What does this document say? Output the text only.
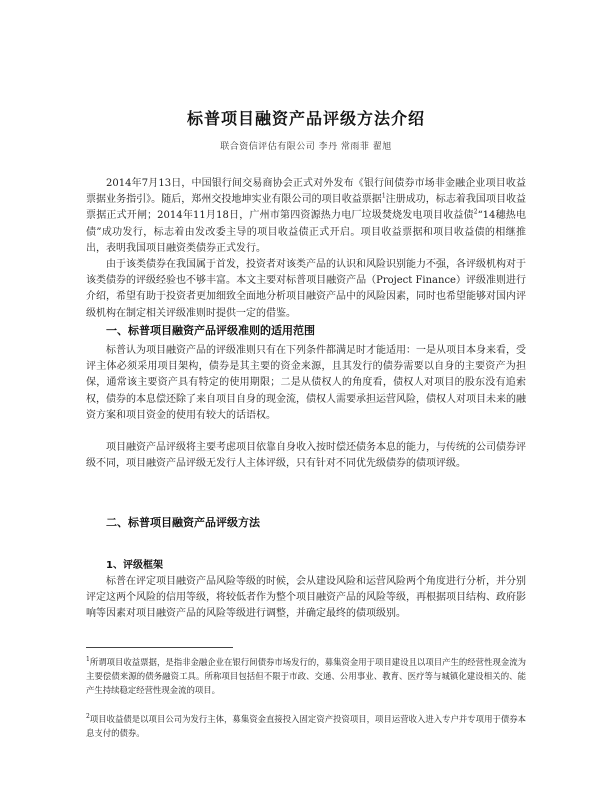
标普项目融资产品评级方法介绍

联合资信评估有限公司 李丹 常雨菲 翟旭

2014年7月13日，中国银行间交易商协会正式对外发布《银行间债券市场非金融企业项目收益票据业务指引》。随后，郑州交投地坤实业有限公司的项目收益票据$^1$注册成功，标志着我国项目收益票据正式开闸；2014年11月18日，广州市第四资源热力电厂垃圾焚烧发电项目收益债$^2$“14穗热电债”成功发行，标志着由发改委主导的项目收益债正式开启。项目收益票据和项目收益债的相继推出，表明我国项目融资类债券正式发行。

由于该类债券在我国属于首发，投资者对该类产品的认识和风险识别能力不强，各评级机构对于该类债券的评级经验也不够丰富。本文主要对标普项目融资产品（Project Finance）评级准则进行介绍，希望有助于投资者更加细致全面地分析项目融资产品中的风险因素，同时也希望能够对国内评级机构在制定相关评级准则时提供一定的借鉴。

一、标普项目融资产品评级准则的适用范围

标普认为项目融资产品的评级准则只有在下列条件都满足时才能适用：一是从项目本身来看，受评主体必须采用项目架构，债券是其主要的资金来源，且其发行的债券需要以自身的主要资产为担保，通常该主要资产具有特定的使用期限；二是从债权人的角度看，债权人对项目的股东没有追索权，债券的本息偿还除了来自项目自身的现金流，债权人需要承担运营风险，债权人对项目未来的融资方案和项目资金的使用有较大的话语权。

项目融资产品评级将主要考虑项目依靠自身收入按时偿还债务本息的能力，与传统的公司债券评级不同，项目融资产品评级无发行人主体评级，只有针对不同优先级债券的债项评级。

二、标普项目融资产品评级方法
1、评级框架

标普在评定项目融资产品风险等级的时候，会从建设风险和运营风险两个角度进行分析，并分别评定这两个风险的信用等级，将较低者作为整个项目融资产品的风险等级，再根据项目结构、政府影响等因素对项目融资产品的风险等级进行调整，并确定最终的债项级别。

$^1$所谓项目收益票据，是指非金融企业在银行间债券市场发行的，募集资金用于项目建设且以项目产生的经营性现金流为主要偿债来源的债务融资工具。所称项目包括但不限于市政、交通、公用事业、教育、医疗等与城镇化建设相关的、能产生持续稳定经营性现金流的项目。

$^2$项目收益债是以项目公司为发行主体，募集资金直接投入固定资产投资项目，项目运营收入进入专户并专项用于债券本息支付的债券。
